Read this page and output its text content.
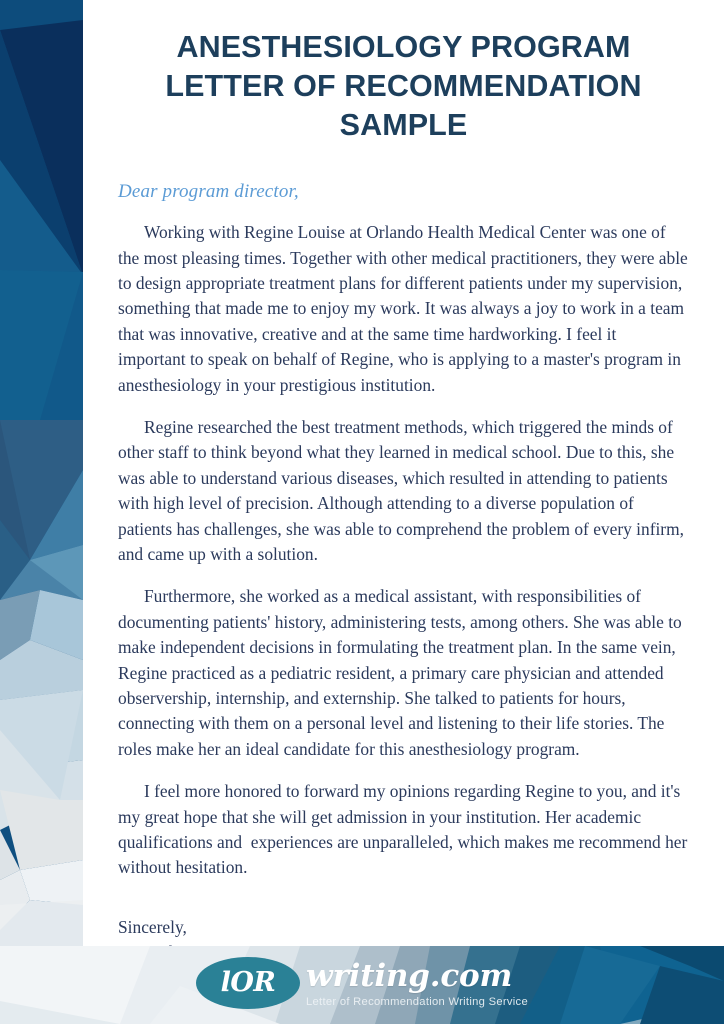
ANESTHESIOLOGY PROGRAM LETTER OF RECOMMENDATION SAMPLE

Dear program director,

Working with Regine Louise at Orlando Health Medical Center was one of the most pleasing times. Together with other medical practitioners, they were able to design appropriate treatment plans for different patients under my supervision, something that made me to enjoy my work. It was always a joy to work in a team that was innovative, creative and at the same time hardworking. I feel it important to speak on behalf of Regine, who is applying to a master's program in anesthesiology in your prestigious institution.

Regine researched the best treatment methods, which triggered the minds of other staff to think beyond what they learned in medical school. Due to this, she was able to understand various diseases, which resulted in attending to patients with high level of precision. Although attending to a diverse population of patients has challenges, she was able to comprehend the problem of every infirm, and came up with a solution.

Furthermore, she worked as a medical assistant, with responsibilities of documenting patients' history, administering tests, among others. She was able to make independent decisions in formulating the treatment plan. In the same vein, Regine practiced as a pediatric resident, a primary care physician and attended observership, internship, and externship. She talked to patients for hours, connecting with them on a personal level and listening to their life stories. The roles make her an ideal candidate for this anesthesiology program.

I feel more honored to forward my opinions regarding Regine to you, and it's my great hope that she will get admission in your institution. Her academic qualifications and  experiences are unparalleled, which makes me recommend her without hesitation.

Sincerely,
lOR writing.com
Letter of Recommendation Writing Service
